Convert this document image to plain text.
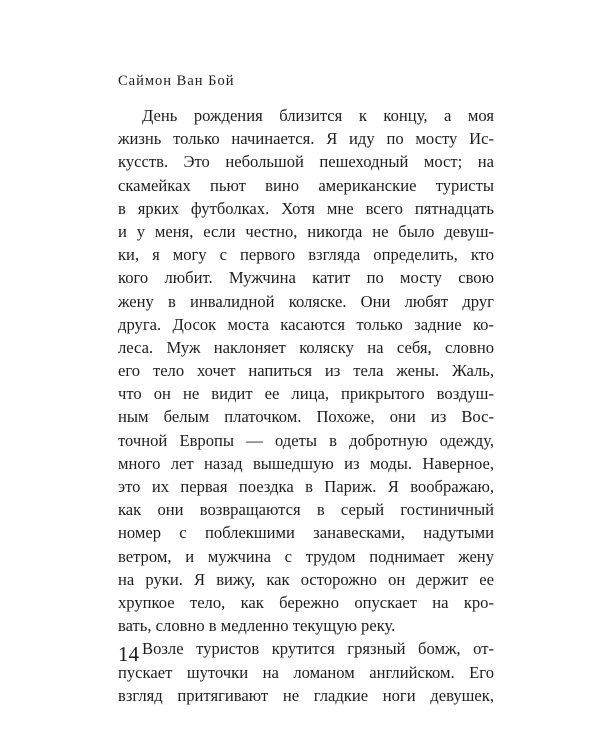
Саймон Ван Бой
День рождения близится к концу, а моя
жизнь только начинается. Я иду по мосту Ис-
кусств. Это небольшой пешеходный мост; на
скамейках пьют вино американские туристы
в ярких футболках. Хотя мне всего пятнадцать
и у меня, если честно, никогда не было девуш-
ки, я могу с первого взгляда определить, кто
кого любит. Мужчина катит по мосту свою
жену в инвалидной коляске. Они любят друг
друга. Досок моста касаются только задние ко-
леса. Муж наклоняет коляску на себя, словно
его тело хочет напиться из тела жены. Жаль,
что он не видит ее лица, прикрытого воздуш-
ным белым платочком. Похоже, они из Вос-
точной Европы — одеты в добротную одежду,
много лет назад вышедшую из моды. Наверное,
это их первая поездка в Париж. Я воображаю,
как они возвращаются в серый гостиничный
номер с поблекшими занавесками, надутыми
ветром, и мужчина с трудом поднимает жену
на руки. Я вижу, как осторожно он держит ее
хрупкое тело, как бережно опускает на кро-
вать, словно в медленно текущую реку.
Возле туристов крутится грязный бомж, от-
пускает шуточки на ломаном английском. Его
взгляд притягивают не гладкие ноги девушек,
14
